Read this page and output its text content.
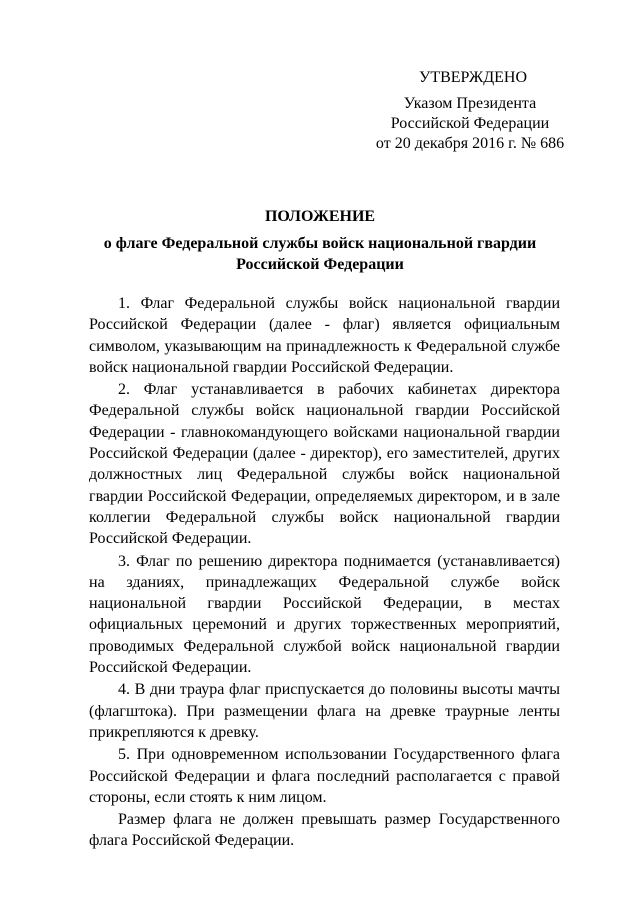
УТВЕРЖДЕНО
Указом Президента
Российской Федерации
от 20 декабря 2016 г. № 686
ПОЛОЖЕНИЕ
о флаге Федеральной службы войск национальной гвардии
Российской Федерации

1. Флаг Федеральной службы войск национальной гвардии Российской Федерации (далее - флаг) является официальным символом, указывающим на принадлежность к Федеральной службе войск национальной гвардии Российской Федерации.

2. Флаг устанавливается в рабочих кабинетах директора Федеральной службы войск национальной гвардии Российской Федерации - главнокомандующего войсками национальной гвардии Российской Федерации (далее - директор), его заместителей, других должностных лиц Федеральной службы войск национальной гвардии Российской Федерации, определяемых директором, и в зале коллегии Федеральной службы войск национальной гвардии Российской Федерации.

3. Флаг по решению директора поднимается (устанавливается) на зданиях, принадлежащих Федеральной службе войск национальной гвардии Российской Федерации, в местах официальных церемоний и других торжественных мероприятий, проводимых Федеральной службой войск национальной гвардии Российской Федерации.

4. В дни траура флаг приспускается до половины высоты мачты (флагштока). При размещении флага на древке траурные ленты прикрепляются к древку.

5. При одновременном использовании Государственного флага Российской Федерации и флага последний располагается с правой стороны, если стоять к ним лицом.

Размер флага не должен превышать размер Государственного флага Российской Федерации.
